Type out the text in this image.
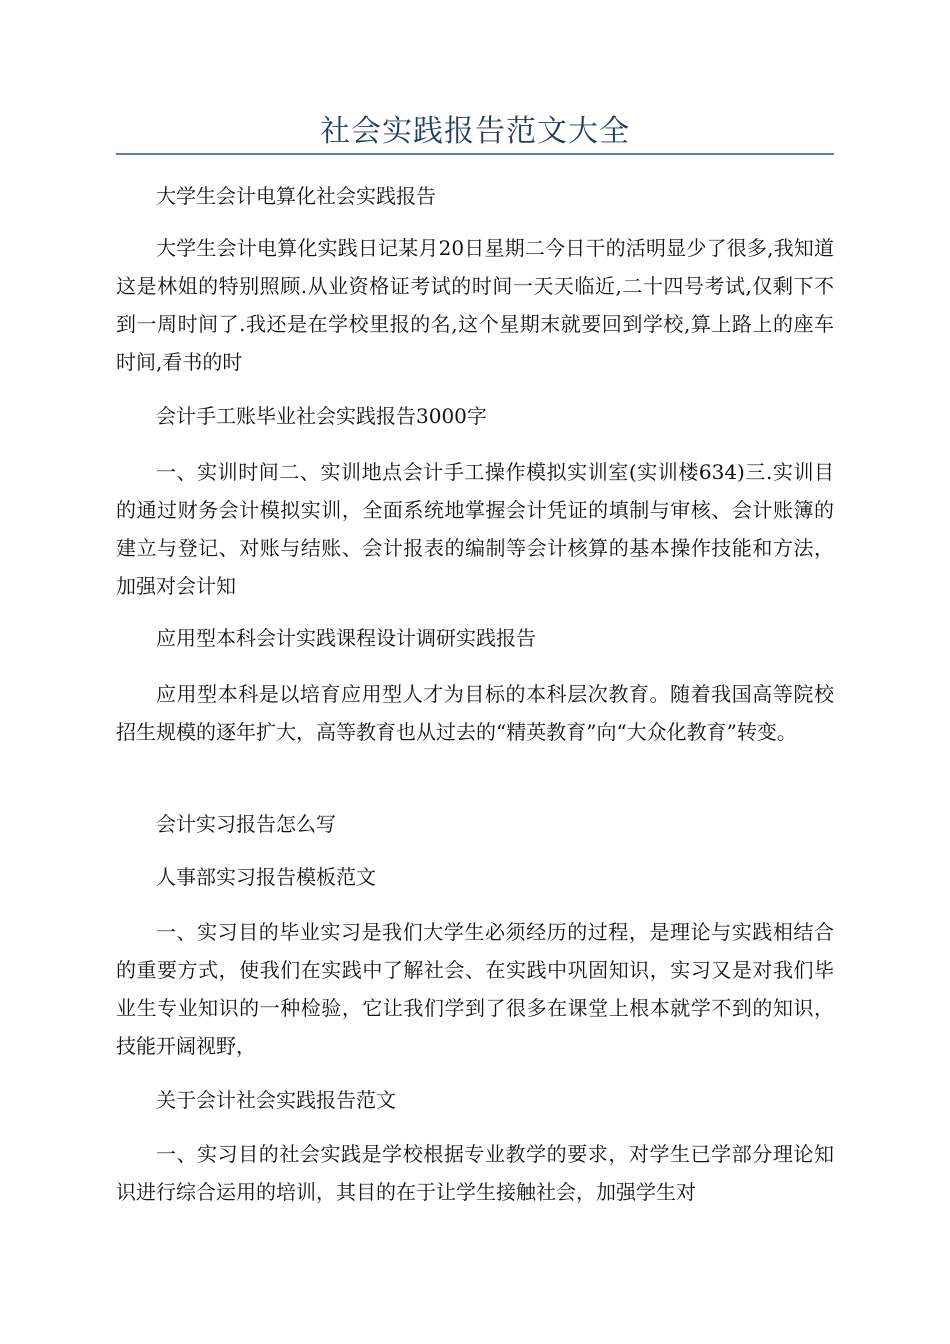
社会实践报告范文大全

大学生会计电算化社会实践报告

大学生会计电算化实践日记某月20日星期二今日干的活明显少了很多,我知道这是林姐的特别照顾.从业资格证考试的时间一天天临近,二十四号考试,仅剩下不到一周时间了.我还是在学校里报的名,这个星期末就要回到学校,算上路上的座车时间,看书的时

会计手工账毕业社会实践报告3000字

一、实训时间二、实训地点会计手工操作模拟实训室(实训楼634)三.实训目的通过财务会计模拟实训，全面系统地掌握会计凭证的填制与审核、会计账簿的建立与登记、对账与结账、会计报表的编制等会计核算的基本操作技能和方法，加强对会计知

应用型本科会计实践课程设计调研实践报告

应用型本科是以培育应用型人才为目标的本科层次教育。随着我国高等院校招生规模的逐年扩大，高等教育也从过去的“精英教育”向“大众化教育”转变。

会计实习报告怎么写

人事部实习报告模板范文

一、实习目的毕业实习是我们大学生必须经历的过程，是理论与实践相结合的重要方式，使我们在实践中了解社会、在实践中巩固知识，实习又是对我们毕业生专业知识的一种检验，它让我们学到了很多在课堂上根本就学不到的知识，技能开阔视野，

关于会计社会实践报告范文

一、实习目的社会实践是学校根据专业教学的要求，对学生已学部分理论知识进行综合运用的培训，其目的在于让学生接触社会，加强学生对
